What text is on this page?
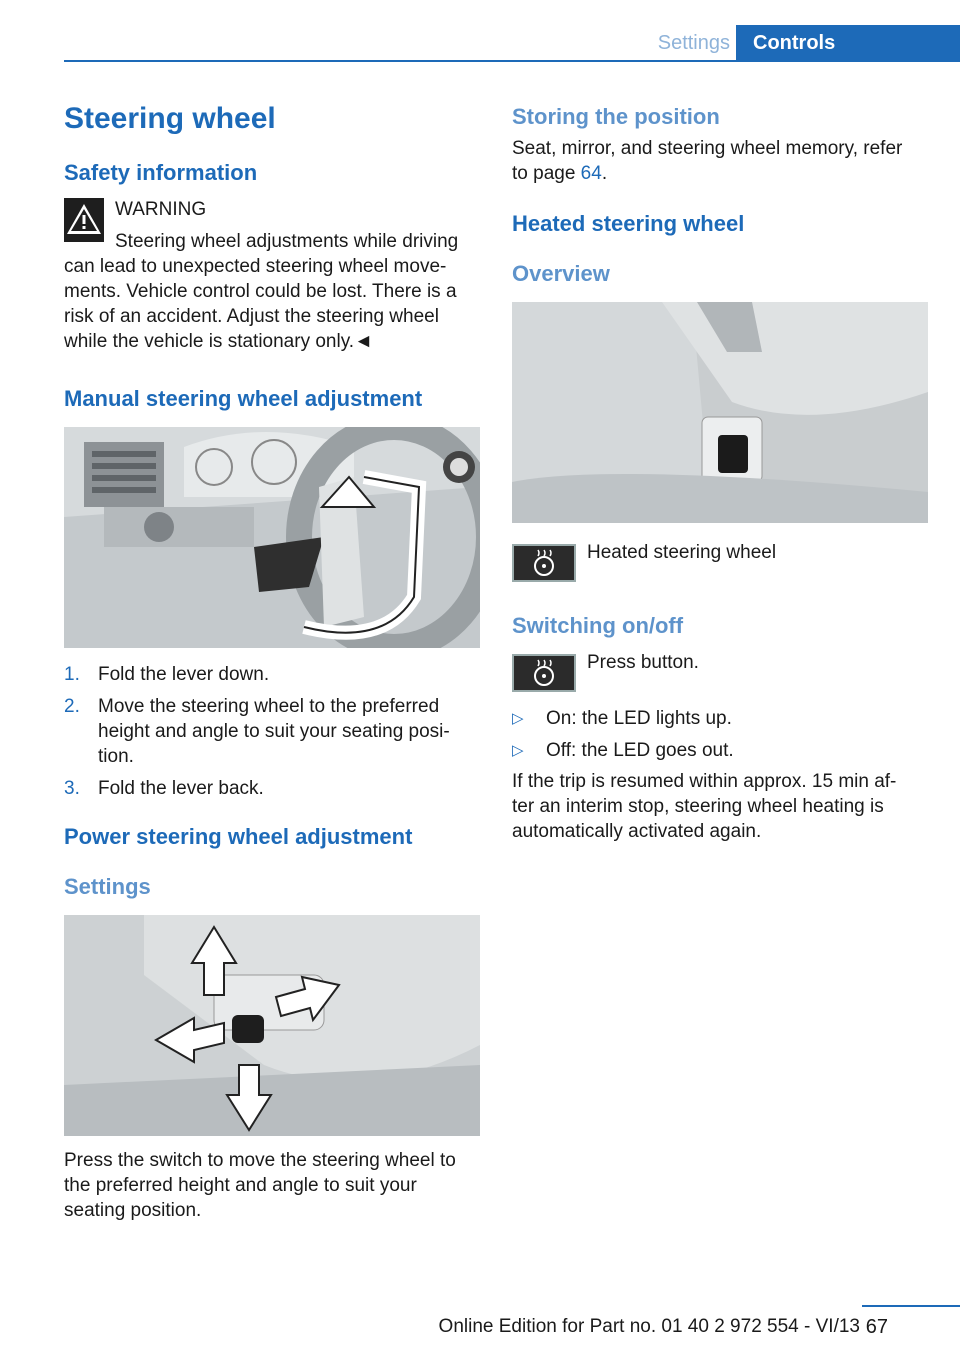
Settings	Controls
Steering wheel
Safety information
WARNING
Steering wheel adjustments while driving
can lead to unexpected steering wheel move-
ments. Vehicle control could be lost. There is a
risk of an accident. Adjust the steering wheel
while the vehicle is stationary only.◄
Manual steering wheel adjustment
1. Fold the lever down.
2. Move the steering wheel to the preferred
height and angle to suit your seating posi-
tion.
3. Fold the lever back.
Power steering wheel adjustment
Settings
Press the switch to move the steering wheel to
the preferred height and angle to suit your
seating position.
Storing the position
Seat, mirror, and steering wheel memory, refer
to page 64.
Heated steering wheel
Overview
Heated steering wheel
Switching on/off
Press button.
▷	On: the LED lights up.
▷	Off: the LED goes out.
If the trip is resumed within approx. 15 min af-
ter an interim stop, steering wheel heating is
automatically activated again.
Online Edition for Part no. 01 40 2 972 554 - VI/13 67
